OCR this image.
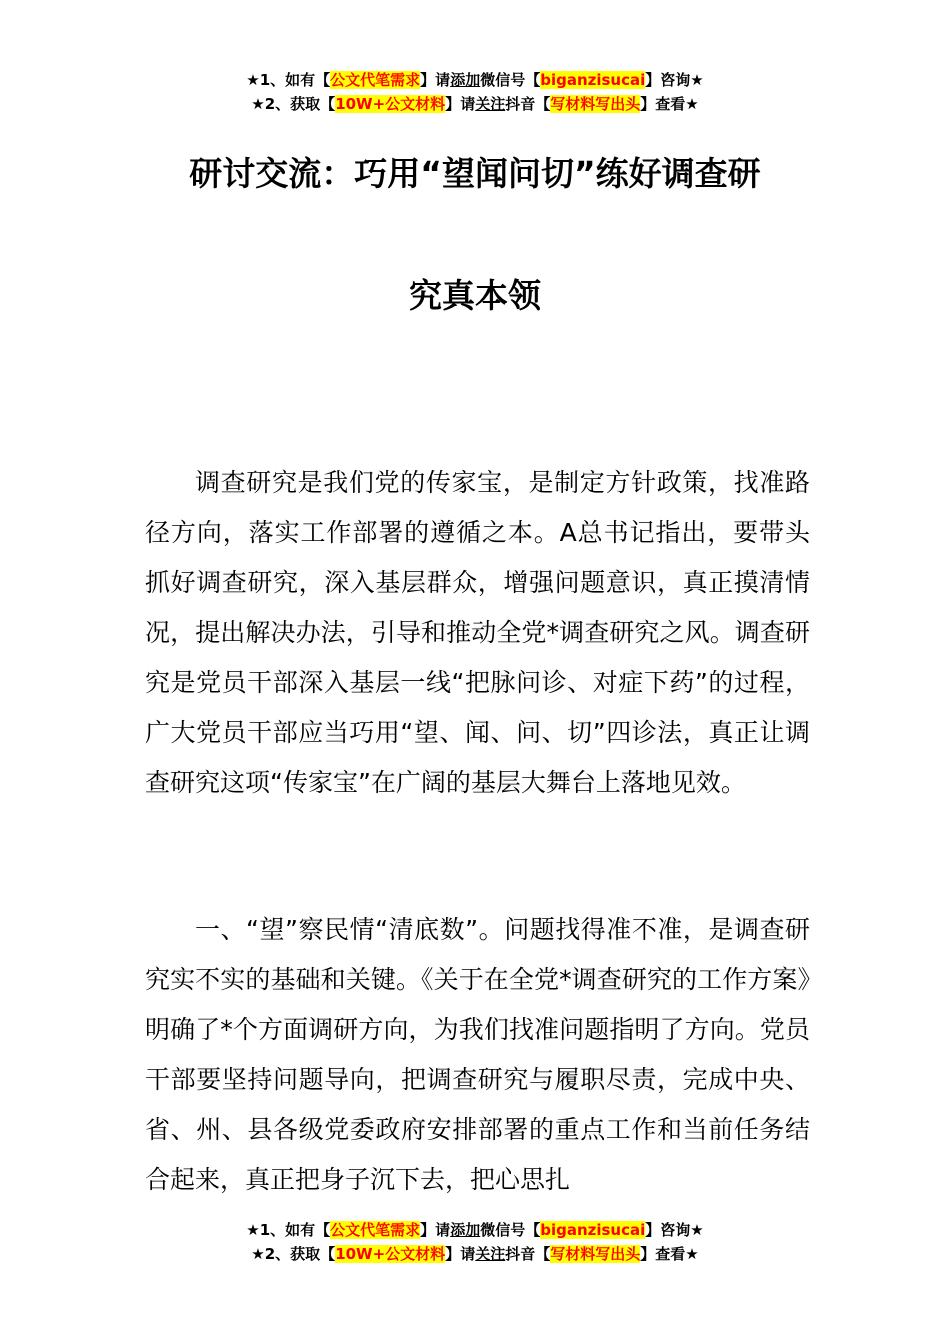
★1、如有【公文代笔需求】请添加微信号【biganzisucai】咨询★
★2、获取【10W+公文材料】请关注抖音【写材料写出头】查看★
研讨交流：巧用“望闻问切”练好调查研
究真本领

调查研究是我们党的传家宝，是制定方针政策，找准路径方向，落实工作部署的遵循之本。A总书记指出，要带头抓好调查研究，深入基层群众，增强问题意识，真正摸清情况，提出解决办法，引导和推动全党*调查研究之风。调查研究是党员干部深入基层一线“把脉问诊、对症下药”的过程，广大党员干部应当巧用“望、闻、问、切”四诊法，真正让调查研究这项“传家宝”在广阔的基层大舞台上落地见效。

一、“望”察民情“清底数”。问题找得准不准，是调查研究实不实的基础和关键。《关于在全党*调查研究的工作方案》明确了*个方面调研方向，为我们找准问题指明了方向。党员干部要坚持问题导向，把调查研究与履职尽责，完成中央、省、州、县各级党委政府安排部署的重点工作和当前任务结合起来，真正把身子沉下去，把心思扎

★1、如有【公文代笔需求】请添加微信号【biganzisucai】咨询★
★2、获取【10W+公文材料】请关注抖音【写材料写出头】查看★
